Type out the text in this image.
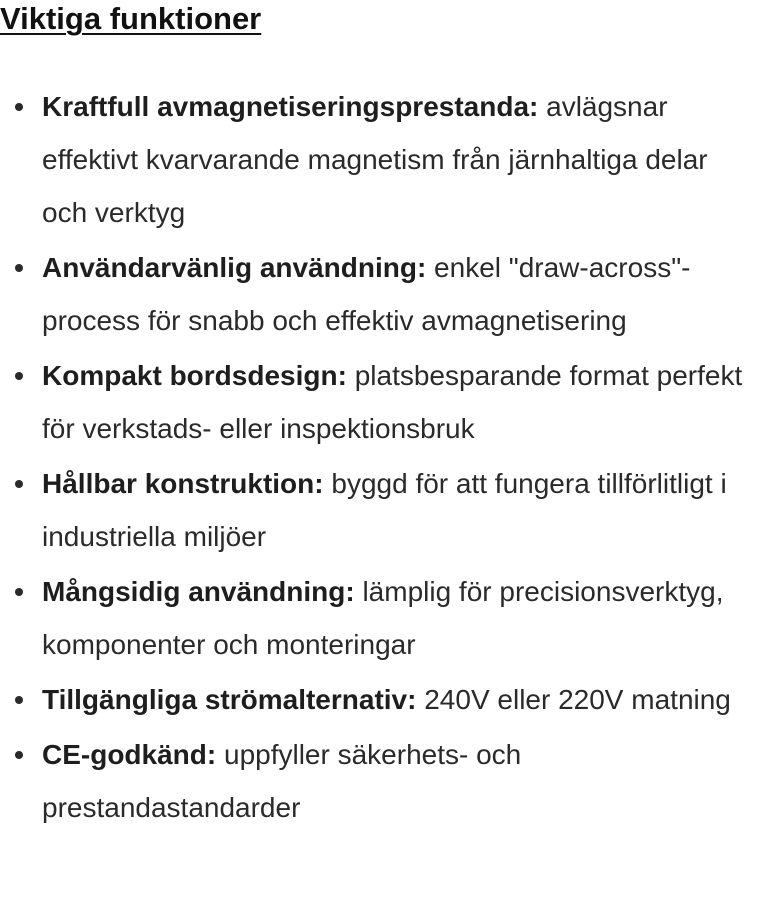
Viktiga funktioner
Kraftfull avmagnetiseringsprestanda: avlägsnar effektivt kvarvarande magnetism från järnhaltiga delar och verktyg
Användarvänlig användning: enkel "draw-across"-process för snabb och effektiv avmagnetisering
Kompakt bordsdesign: platsbesparande format perfekt för verkstads- eller inspektionsbruk
Hållbar konstruktion: byggd för att fungera tillförlitligt i industriella miljöer
Mångsidig användning: lämplig för precisionsverktyg, komponenter och monteringar
Tillgängliga strömalternativ: 240V eller 220V matning
CE-godkänd: uppfyller säkerhets- och prestandastandarder
